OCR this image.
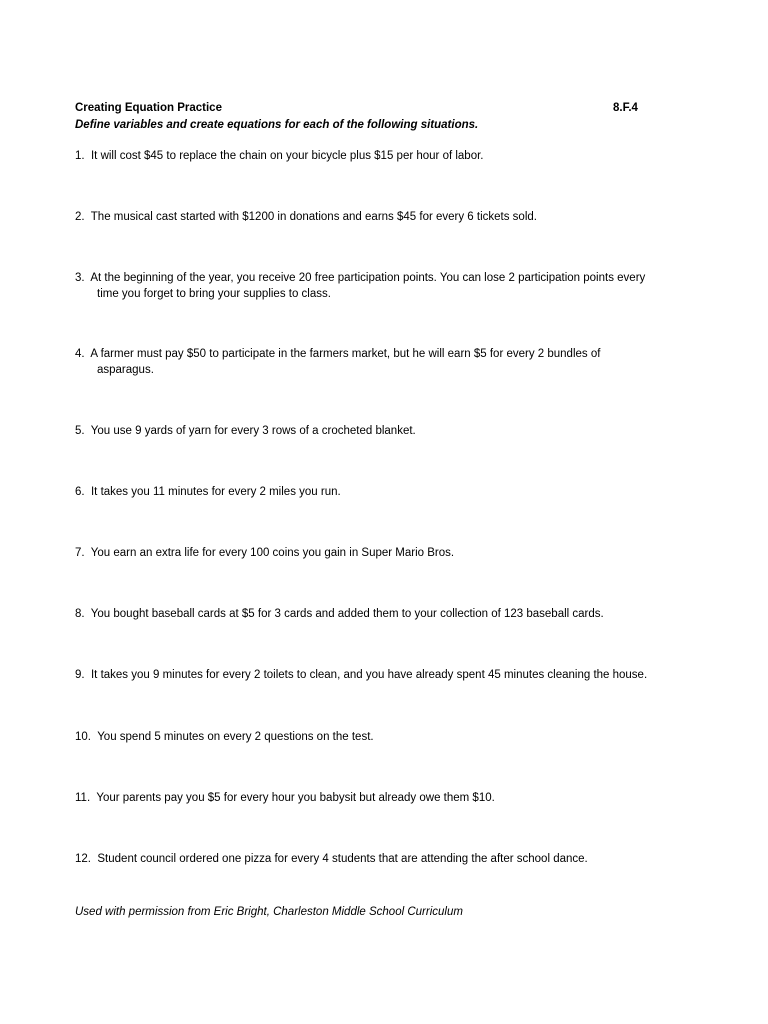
Creating Equation Practice	8.F.4
Define variables and create equations for each of the following situations.
1. It will cost $45 to replace the chain on your bicycle plus $15 per hour of labor.
2. The musical cast started with $1200 in donations and earns $45 for every 6 tickets sold.
3. At the beginning of the year, you receive 20 free participation points. You can lose 2 participation points every
time you forget to bring your supplies to class.
4. A farmer must pay $50 to participate in the farmers market, but he will earn $5 for every 2 bundles of
asparagus.
5. You use 9 yards of yarn for every 3 rows of a crocheted blanket.
6. It takes you 11 minutes for every 2 miles you run.
7. You earn an extra life for every 100 coins you gain in Super Mario Bros.
8. You bought baseball cards at $5 for 3 cards and added them to your collection of 123 baseball cards.
9. It takes you 9 minutes for every 2 toilets to clean, and you have already spent 45 minutes cleaning the house.
10. You spend 5 minutes on every 2 questions on the test.
11. Your parents pay you $5 for every hour you babysit but already owe them $10.
12. Student council ordered one pizza for every 4 students that are attending the after school dance.
Used with permission from Eric Bright, Charleston Middle School Curriculum
